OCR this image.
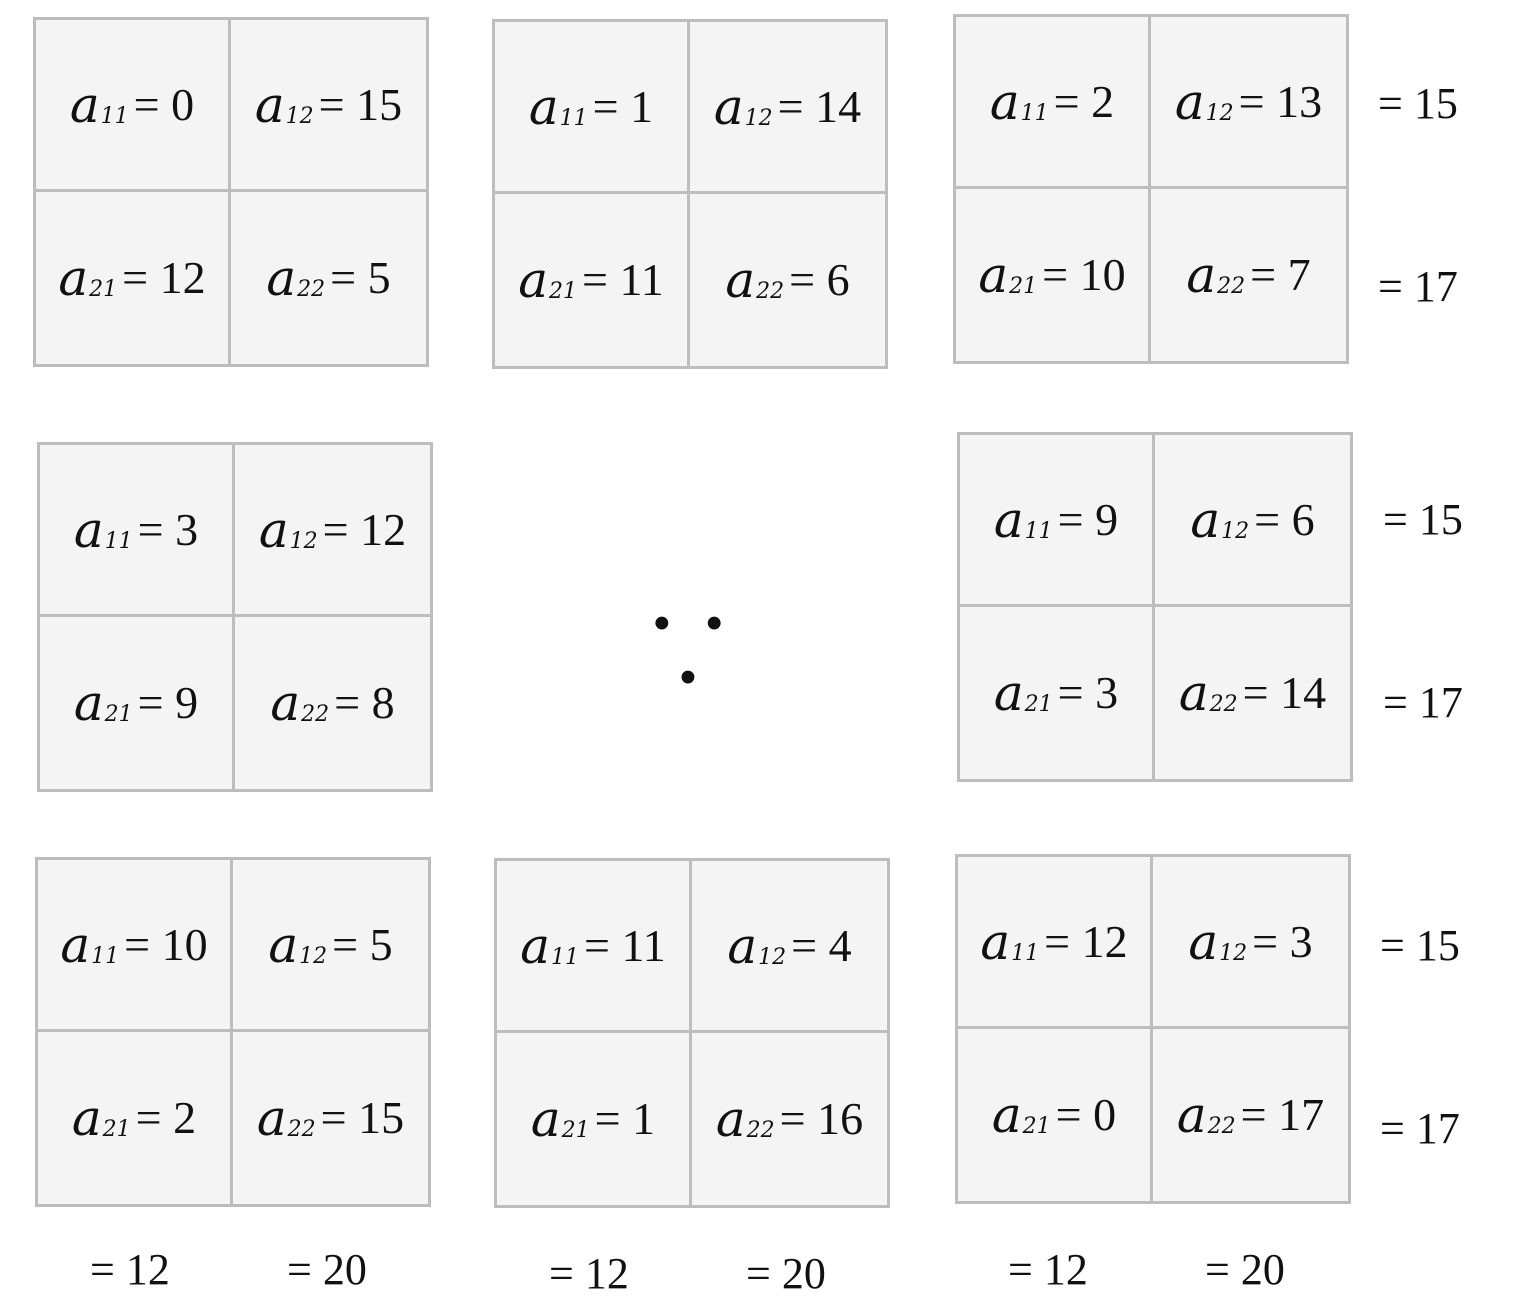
a 11 = 0 a 12 = 15
a 21 = 12 a 22 = 5
a 11 = 1 a 12 = 14
a 21 = 11 a 22 = 6
a 11 = 2 a 12 = 13
a 21 = 10 a 22 = 7
= 15
= 17
a 11 = 3 a 12 = 12
a 21 = 9 a 22 = 8
• • •
a 11 = 9 a 12 = 6
a 21 = 3 a 22 = 14
= 15
= 17
a 11 = 10 a 12 = 5
a 21 = 2 a 22 = 15
= 12	= 20
a 11 = 11 a 12 = 4
a 21 = 1 a 22 = 16
= 12	= 20
a 11 = 12 a 12 = 3
a 21 = 0 a 22 = 17
= 15
= 17
= 12	= 20
